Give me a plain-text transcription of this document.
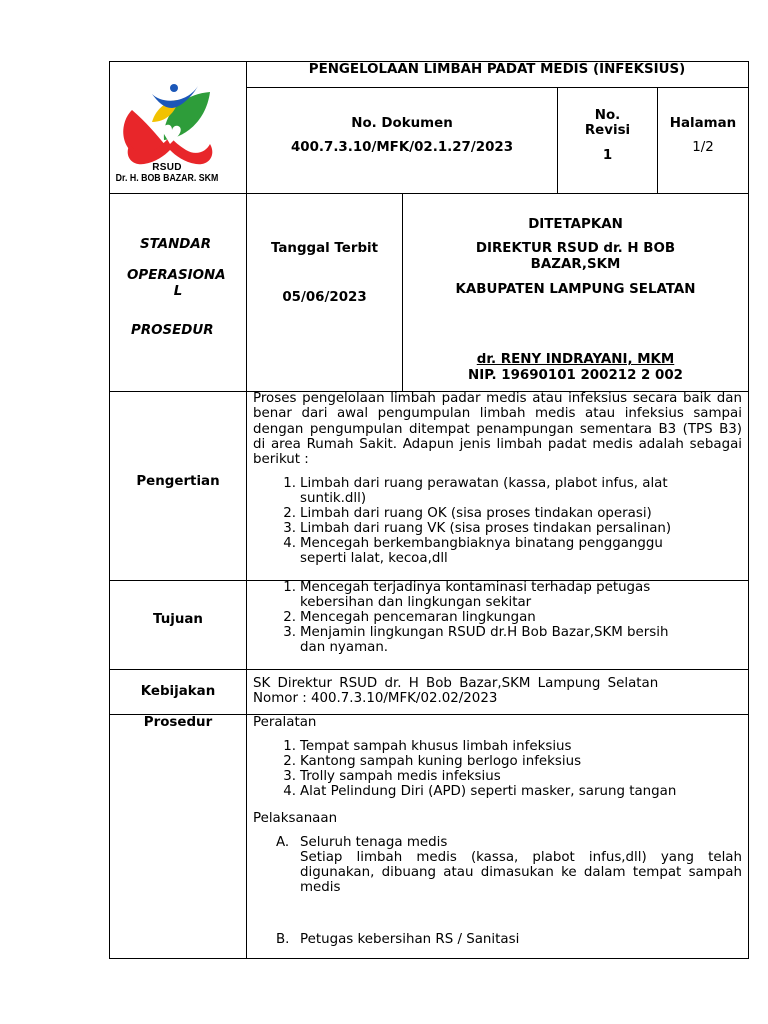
RSUD
Dr. H. BOB BAZAR. SKM
PENGELOLAAN LIMBAH PADAT MEDIS (INFEKSIUS)
No. Dokumen
400.7.3.10/MFK/02.1.27/2023
No.
Revisi
1
Halaman
1/2
STANDAR
OPERASIONA
L
PROSEDUR
Tanggal Terbit
05/06/2023
DITETAPKAN
DIREKTUR RSUD dr. H BOB
BAZAR,SKM
KABUPATEN LAMPUNG SELATAN
dr. RENY INDRAYANI, MKM
NIP. 19690101 200212 2 002
Pengertian
Proses pengelolaan limbah padar medis atau infeksius secara baik dan benar dari awal pengumpulan limbah medis atau infeksius sampai dengan pengumpulan ditempat penampungan sementara B3 (TPS B3) di area Rumah Sakit. Adapun jenis limbah padat medis adalah sebagai berikut :
1. Limbah dari ruang perawatan (kassa, plabot infus, alat
suntik.dll)
2. Limbah dari ruang OK (sisa proses tindakan operasi)
3. Limbah dari ruang VK (sisa proses tindakan persalinan)
4. Mencegah berkembangbiaknya binatang pengganggu
seperti lalat, kecoa,dll
Tujuan
1. Mencegah terjadinya kontaminasi terhadap petugas
kebersihan dan lingkungan sekitar
2. Mencegah pencemaran lingkungan
3. Menjamin lingkungan RSUD dr.H Bob Bazar,SKM bersih
dan nyaman.
Kebijakan
SK Direktur RSUD dr. H Bob Bazar,SKM Lampung Selatan
Nomor : 400.7.3.10/MFK/02.02/2023
Prosedur	Peralatan
1. Tempat sampah khusus limbah infeksius
2. Kantong sampah kuning berlogo infeksius
3. Trolly sampah medis infeksius
4. Alat Pelindung Diri (APD) seperti masker, sarung tangan
Pelaksanaan
A. Seluruh tenaga medis
Setiap limbah medis (kassa, plabot infus,dll) yang telah digunakan, dibuang atau dimasukan ke dalam tempat sampah medis
B. Petugas kebersihan RS / Sanitasi
